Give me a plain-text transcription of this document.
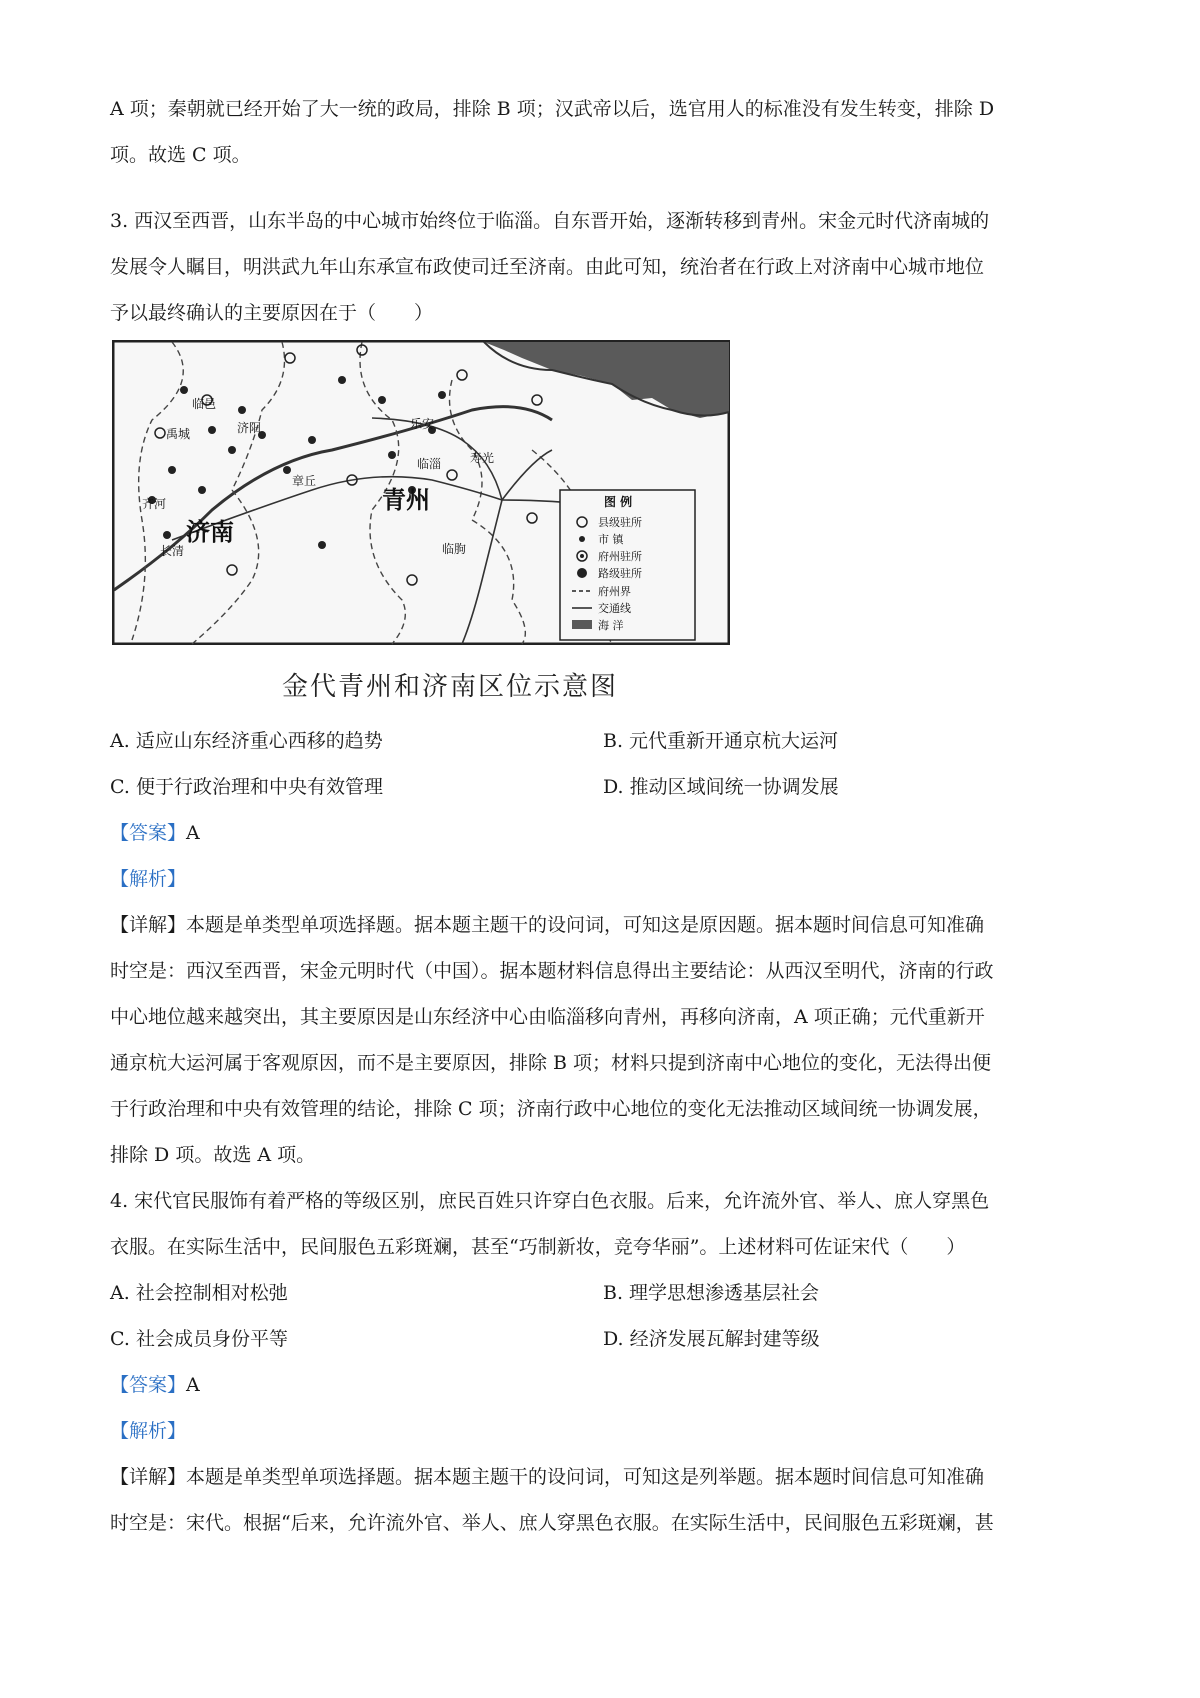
A 项；秦朝就已经开始了大一统的政局，排除 B 项；汉武帝以后，选官用人的标准没有发生转变，排除 D
项。故选 C 项。
3. 西汉至西晋，山东半岛的中心城市始终位于临淄。自东晋开始，逐渐转移到青州。宋金元时代济南城的
发展令人瞩目，明洪武九年山东承宣布政使司迁至济南。由此可知，统治者在行政上对济南中心城市地位
予以最终确认的主要原因在于（　　）
临邑
禹城	济阳
齐河
长清
济南
章丘
乐安
临淄 寿光
青州
临朐
图 例
县级驻所
市 镇
府州驻所
路级驻所
府州界
交通线
海 洋
金代青州和济南区位示意图
A. 适应山东经济重心西移的趋势	B. 元代重新开通京杭大运河
C. 便于行政治理和中央有效管理	D. 推动区域间统一协调发展
【答案】A
【解析】
【详解】本题是单类型单项选择题。据本题主题干的设问词，可知这是原因题。据本题时间信息可知准确
时空是：西汉至西晋，宋金元明时代（中国）。据本题材料信息得出主要结论：从西汉至明代，济南的行政
中心地位越来越突出，其主要原因是山东经济中心由临淄移向青州，再移向济南，A 项正确；元代重新开
通京杭大运河属于客观原因，而不是主要原因，排除 B 项；材料只提到济南中心地位的变化，无法得出便
于行政治理和中央有效管理的结论，排除 C 项；济南行政中心地位的变化无法推动区域间统一协调发展，
排除 D 项。故选 A 项。
4. 宋代官民服饰有着严格的等级区别，庶民百姓只许穿白色衣服。后来，允许流外官、举人、庶人穿黑色
衣服。在实际生活中，民间服色五彩斑斓，甚至“巧制新妆，竞夸华丽”。上述材料可佐证宋代（　　）
A. 社会控制相对松弛	B. 理学思想渗透基层社会
C. 社会成员身份平等	D. 经济发展瓦解封建等级
【答案】A
【解析】
【详解】本题是单类型单项选择题。据本题主题干的设问词，可知这是列举题。据本题时间信息可知准确
时空是：宋代。根据“后来，允许流外官、举人、庶人穿黑色衣服。在实际生活中，民间服色五彩斑斓，甚
